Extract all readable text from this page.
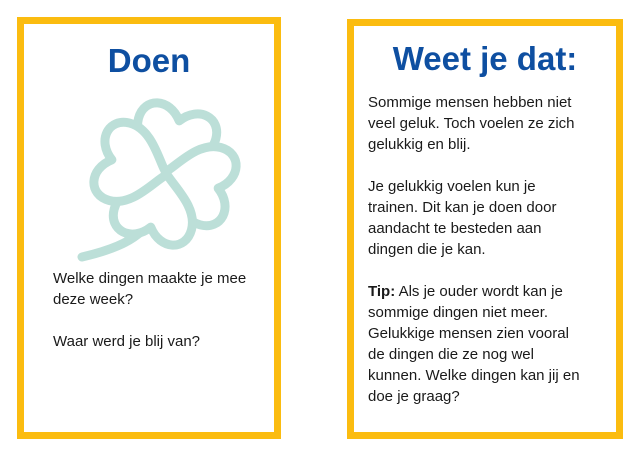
Doen

Welke dingen maakte je mee deze week?

Waar werd je blij van?

Weet je dat:

Sommige mensen hebben niet veel geluk. Toch voelen ze zich gelukkig en blij.

Je gelukkig voelen kun je trainen. Dit kan je doen door aandacht te besteden aan dingen die je kan.

Tip: Als je ouder wordt kan je sommige dingen niet meer. Gelukkige mensen zien vooral de dingen die ze nog wel kunnen. Welke dingen kan jij en doe je graag?
